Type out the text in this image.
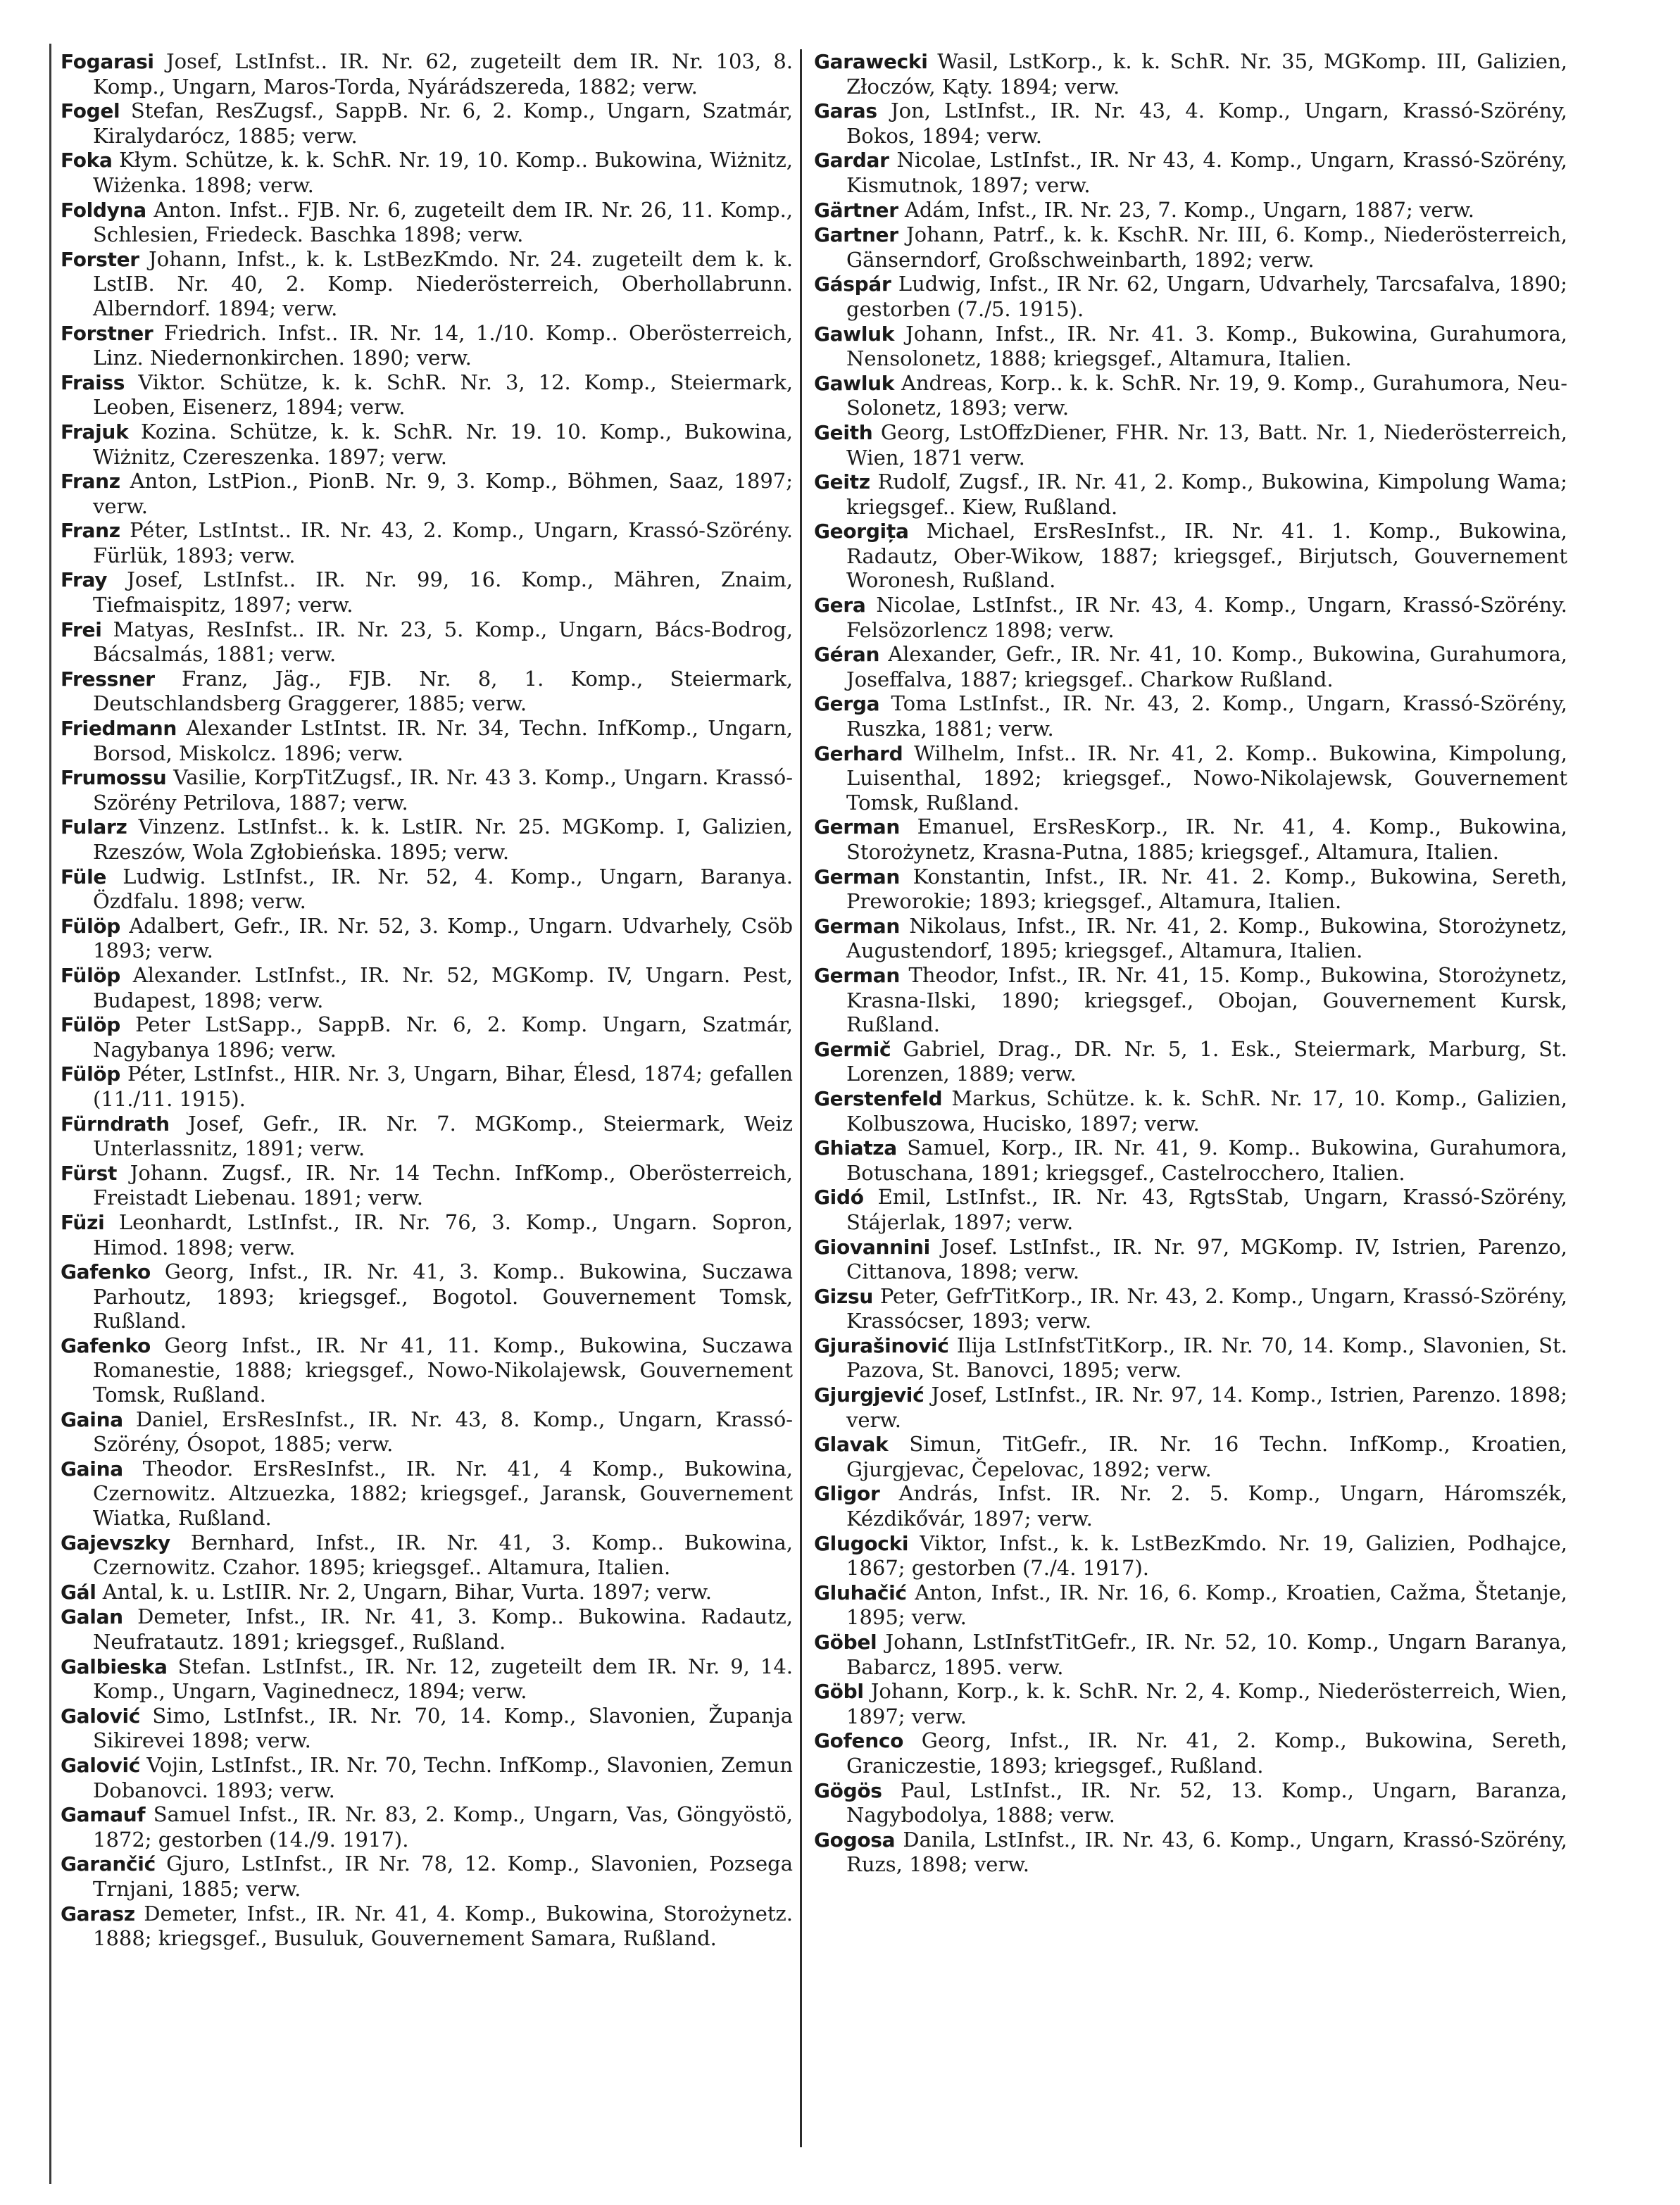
Fogarasi Josef, LstInfst.. IR. Nr. 62, zugeteilt dem IR. Nr. 103, 8. Komp., Ungarn, Maros-Torda, Nyárádszereda, 1882; verw.

Fogel Stefan, ResZugsf., SappB. Nr. 6, 2. Komp., Ungarn, Szatmár, Kiralydarócz, 1885; verw.

Foka Kłym. Schütze, k. k. SchR. Nr. 19, 10. Komp.. Bukowina, Wiżnitz, Wiżenka. 1898; verw.

Foldyna Anton. Infst.. FJB. Nr. 6, zugeteilt dem IR. Nr. 26, 11. Komp., Schlesien, Friedeck. Baschka 1898; verw.

Forster Johann, Infst., k. k. LstBezKmdo. Nr. 24. zugeteilt dem k. k. LstIB. Nr. 40, 2. Komp. Niederösterreich, Oberhollabrunn. Alberndorf. 1894; verw.

Forstner Friedrich. Infst.. IR. Nr. 14, 1./10. Komp.. Oberösterreich, Linz. Niedernonkirchen. 1890; verw.

Fraiss Viktor. Schütze, k. k. SchR. Nr. 3, 12. Komp., Steiermark, Leoben, Eisenerz, 1894; verw.

Frajuk Kozina. Schütze, k. k. SchR. Nr. 19. 10. Komp., Bukowina, Wiżnitz, Czereszenka. 1897; verw.

Franz Anton, LstPion., PionB. Nr. 9, 3. Komp., Böhmen, Saaz, 1897; verw.

Franz Péter, LstIntst.. IR. Nr. 43, 2. Komp., Ungarn, Krassó-Szörény. Fürlük, 1893; verw.

Fray Josef, LstInfst.. IR. Nr. 99, 16. Komp., Mähren, Znaim, Tiefmaispitz, 1897; verw.

Frei Matyas, ResInfst.. IR. Nr. 23, 5. Komp., Ungarn, Bács-Bodrog, Bácsalmás, 1881; verw.

Fressner Franz, Jäg., FJB. Nr. 8, 1. Komp., Steiermark, Deutschlandsberg Graggerer, 1885; verw.

Friedmann Alexander LstIntst. IR. Nr. 34, Techn. InfKomp., Ungarn, Borsod, Miskolcz. 1896; verw.

Frumossu Vasilie, KorpTitZugsf., IR. Nr. 43 3. Komp., Ungarn. Krassó-Szörény Petrilova, 1887; verw.

Fularz Vinzenz. LstInfst.. k. k. LstIR. Nr. 25. MGKomp. I, Galizien, Rzeszów, Wola Zgłobieńska. 1895; verw.

Füle Ludwig. LstInfst., IR. Nr. 52, 4. Komp., Ungarn, Baranya. Özdfalu. 1898; verw.

Fülöp Adalbert, Gefr., IR. Nr. 52, 3. Komp., Ungarn. Udvarhely, Csöb 1893; verw.

Fülöp Alexander. LstInfst., IR. Nr. 52, MGKomp. IV, Ungarn. Pest, Budapest, 1898; verw.

Fülöp Peter LstSapp., SappB. Nr. 6, 2. Komp. Ungarn, Szatmár, Nagybanya 1896; verw.

Fülöp Péter, LstInfst., HIR. Nr. 3, Ungarn, Bihar, Élesd, 1874; gefallen (11./11. 1915).

Fürndrath Josef, Gefr., IR. Nr. 7. MGKomp., Steiermark, Weiz Unterlassnitz, 1891; verw.

Fürst Johann. Zugsf., IR. Nr. 14 Techn. InfKomp., Oberösterreich, Freistadt Liebenau. 1891; verw.

Füzi Leonhardt, LstInfst., IR. Nr. 76, 3. Komp., Ungarn. Sopron, Himod. 1898; verw.

Gafenko Georg, Infst., IR. Nr. 41, 3. Komp.. Bukowina, Suczawa Parhoutz, 1893; kriegsgef., Bogotol. Gouvernement Tomsk, Rußland.

Gafenko Georg Infst., IR. Nr 41, 11. Komp., Bukowina, Suczawa Romanestie, 1888; kriegsgef., Nowo-Nikolajewsk, Gouvernement Tomsk, Rußland.

Gaina Daniel, ErsResInfst., IR. Nr. 43, 8. Komp., Ungarn, Krassó-Szörény, Ósopot, 1885; verw.

Gaina Theodor. ErsResInfst., IR. Nr. 41, 4 Komp., Bukowina, Czernowitz. Altzuezka, 1882; kriegsgef., Jaransk, Gouvernement Wiatka, Rußland.

Gajevszky Bernhard, Infst., IR. Nr. 41, 3. Komp.. Bukowina, Czernowitz. Czahor. 1895; kriegsgef.. Altamura, Italien.

Gál Antal, k. u. LstIIR. Nr. 2, Ungarn, Bihar, Vurta. 1897; verw.

Galan Demeter, Infst., IR. Nr. 41, 3. Komp.. Bukowina. Radautz, Neufratautz. 1891; kriegsgef., Rußland.

Galbieska Stefan. LstInfst., IR. Nr. 12, zugeteilt dem IR. Nr. 9, 14. Komp., Ungarn, Vaginednecz, 1894; verw.

Galović Simo, LstInfst., IR. Nr. 70, 14. Komp., Slavonien, Županja Sikirevei 1898; verw.

Galović Vojin, LstInfst., IR. Nr. 70, Techn. InfKomp., Slavonien, Zemun Dobanovci. 1893; verw.

Gamauf Samuel Infst., IR. Nr. 83, 2. Komp., Ungarn, Vas, Göngyöstö, 1872; gestorben (14./9. 1917).

Garančić Gjuro, LstInfst., IR Nr. 78, 12. Komp., Slavonien, Pozsega Trnjani, 1885; verw.

Garasz Demeter, Infst., IR. Nr. 41, 4. Komp., Bukowina, Storożynetz. 1888; kriegsgef., Busuluk, Gouvernement Samara, Rußland.

Garawecki Wasil, LstKorp., k. k. SchR. Nr. 35, MGKomp. III, Galizien, Złoczów, Kąty. 1894; verw.

Garas Jon, LstInfst., IR. Nr. 43, 4. Komp., Ungarn, Krassó-Szörény, Bokos, 1894; verw.

Gardar Nicolae, LstInfst., IR. Nr 43, 4. Komp., Ungarn, Krassó-Szörény, Kismutnok, 1897; verw.

Gärtner Adám, Infst., IR. Nr. 23, 7. Komp., Ungarn, 1887; verw.

Gartner Johann, Patrf., k. k. KschR. Nr. III, 6. Komp., Niederösterreich, Gänserndorf, Großschweinbarth, 1892; verw.

Gáspár Ludwig, Infst., IR Nr. 62, Ungarn, Udvarhely, Tarcsafalva, 1890; gestorben (7./5. 1915).

Gawluk Johann, Infst., IR. Nr. 41. 3. Komp., Bukowina, Gurahumora, Nensolonetz, 1888; kriegsgef., Altamura, Italien.

Gawluk Andreas, Korp.. k. k. SchR. Nr. 19, 9. Komp., Gurahumora, Neu-Solonetz, 1893; verw.

Geith Georg, LstOffzDiener, FHR. Nr. 13, Batt. Nr. 1, Niederösterreich, Wien, 1871 verw.

Geitz Rudolf, Zugsf., IR. Nr. 41, 2. Komp., Bukowina, Kimpolung Wama; kriegsgef.. Kiew, Rußland.

Georgița Michael, ErsResInfst., IR. Nr. 41. 1. Komp., Bukowina, Radautz, Ober-Wikow, 1887; kriegsgef., Birjutsch, Gouvernement Woronesh, Rußland.

Gera Nicolae, LstInfst., IR Nr. 43, 4. Komp., Ungarn, Krassó-Szörény. Felsözorlencz 1898; verw.

Géran Alexander, Gefr., IR. Nr. 41, 10. Komp., Bukowina, Gurahumora, Joseffalva, 1887; kriegsgef.. Charkow Rußland.

Gerga Toma LstInfst., IR. Nr. 43, 2. Komp., Ungarn, Krassó-Szörény, Ruszka, 1881; verw.

Gerhard Wilhelm, Infst.. IR. Nr. 41, 2. Komp.. Bukowina, Kimpolung, Luisenthal, 1892; kriegsgef., Nowo-Nikolajewsk, Gouvernement Tomsk, Rußland.

German Emanuel, ErsResKorp., IR. Nr. 41, 4. Komp., Bukowina, Storożynetz, Krasna-Putna, 1885; kriegsgef., Altamura, Italien.

German Konstantin, Infst., IR. Nr. 41. 2. Komp., Bukowina, Sereth, Preworokie; 1893; kriegsgef., Altamura, Italien.

German Nikolaus, Infst., IR. Nr. 41, 2. Komp., Bukowina, Storożynetz, Augustendorf, 1895; kriegsgef., Altamura, Italien.

German Theodor, Infst., IR. Nr. 41, 15. Komp., Bukowina, Storożynetz, Krasna-Ilski, 1890; kriegsgef., Obojan, Gouvernement Kursk, Rußland.

Germič Gabriel, Drag., DR. Nr. 5, 1. Esk., Steiermark, Marburg, St. Lorenzen, 1889; verw.

Gerstenfeld Markus, Schütze. k. k. SchR. Nr. 17, 10. Komp., Galizien, Kolbuszowa, Hucisko, 1897; verw.

Ghiatza Samuel, Korp., IR. Nr. 41, 9. Komp.. Bukowina, Gurahumora, Botuschana, 1891; kriegsgef., Castelrocchero, Italien.

Gidó Emil, LstInfst., IR. Nr. 43, RgtsStab, Ungarn, Krassó-Szörény, Stájerlak, 1897; verw.

Giovannini Josef. LstInfst., IR. Nr. 97, MGKomp. IV, Istrien, Parenzo, Cittanova, 1898; verw.

Gizsu Peter, GefrTitKorp., IR. Nr. 43, 2. Komp., Ungarn, Krassó-Szörény, Krassócser, 1893; verw.

Gjurašinović Ilija LstInfstTitKorp., IR. Nr. 70, 14. Komp., Slavonien, St. Pazova, St. Banovci, 1895; verw.

Gjurgjević Josef, LstInfst., IR. Nr. 97, 14. Komp., Istrien, Parenzo. 1898; verw.

Glavak Simun, TitGefr., IR. Nr. 16 Techn. InfKomp., Kroatien, Gjurgjevac, Čepelovac, 1892; verw.

Gligor András, Infst. IR. Nr. 2. 5. Komp., Ungarn, Háromszék, Kézdikővár, 1897; verw.

Glugocki Viktor, Infst., k. k. LstBezKmdo. Nr. 19, Galizien, Podhajce, 1867; gestorben (7./4. 1917).

Gluhačić Anton, Infst., IR. Nr. 16, 6. Komp., Kroatien, Cažma, Štetanje, 1895; verw.

Göbel Johann, LstInfstTitGefr., IR. Nr. 52, 10. Komp., Ungarn Baranya, Babarcz, 1895. verw.

Göbl Johann, Korp., k. k. SchR. Nr. 2, 4. Komp., Niederösterreich, Wien, 1897; verw.

Gofenco Georg, Infst., IR. Nr. 41, 2. Komp., Bukowina, Sereth, Graniczestie, 1893; kriegsgef., Rußland.

Gögös Paul, LstInfst., IR. Nr. 52, 13. Komp., Ungarn, Baranza, Nagybodolya, 1888; verw.

Gogosa Danila, LstInfst., IR. Nr. 43, 6. Komp., Ungarn, Krassó-Szörény, Ruzs, 1898; verw.
